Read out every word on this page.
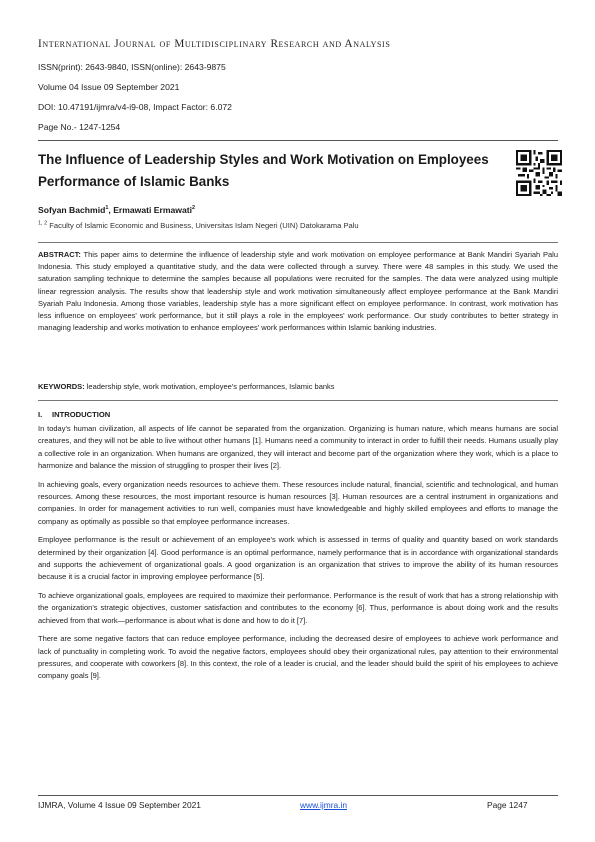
International Journal of Multidisciplinary Research and Analysis
ISSN(print): 2643-9840, ISSN(online): 2643-9875
Volume 04 Issue 09 September 2021
DOI: 10.47191/ijmra/v4-i9-08, Impact Factor: 6.072
Page No.- 1247-1254
The Influence of Leadership Styles and Work Motivation on Employees Performance of Islamic Banks
Sofyan Bachmid$^1$, Ermawati Ermawati$^2$
$^{1, 2}$ Faculty of Islamic Economic and Business, Universitas Islam Negeri (UIN) Datokarama Palu
ABSTRACT: This paper aims to determine the influence of leadership style and work motivation on employee performance at Bank Mandiri Syariah Palu Indonesia. This study employed a quantitative study, and the data were collected through a survey. There were 48 samples in this study. We used the saturation sampling technique to determine the samples because all populations were recruited for the samples. The data were analyzed using multiple linear regression analysis. The results show that leadership style and work motivation simultaneously affect employee performance at the Bank Mandiri Syariah Palu Indonesia. Among those variables, leadership style has a more significant effect on employee performance. In contrast, work motivation has less influence on employees' work performance, but it still plays a role in the employees' work performance. Our study contributes to better strategy in managing leadership and works motivation to enhance employees' work performances within Islamic banking industries.
KEYWORDS: leadership style, work motivation, employee's performances, Islamic banks
I. INTRODUCTION

In today's human civilization, all aspects of life cannot be separated from the organization. Organizing is human nature, which means humans are social creatures, and they will not be able to live without other humans [1]. Humans need a community to interact in order to fulfill their needs. Humans usually play a collective role in an organization. When humans are organized, they will interact and become part of the organization where they work, which is a place to harmonize and balance the mission of struggling to prosper their lives [2].

In achieving goals, every organization needs resources to achieve them. These resources include natural, financial, scientific and technological, and human resources. Among these resources, the most important resource is human resources [3]. Human resources are a central instrument in organizations and companies. In order for management activities to run well, companies must have knowledgeable and highly skilled employees and efforts to manage the company as optimally as possible so that employee performance increases.

Employee performance is the result or achievement of an employee's work which is assessed in terms of quality and quantity based on work standards determined by their organization [4]. Good performance is an optimal performance, namely performance that is in accordance with organizational standards and supports the achievement of organizational goals. A good organization is an organization that strives to improve the ability of its human resources because it is a crucial factor in improving employee performance [5].

To achieve organizational goals, employees are required to maximize their performance. Performance is the result of work that has a strong relationship with the organization's strategic objectives, customer satisfaction and contributes to the economy [6]. Thus, performance is about doing work and the results achieved from that work—performance is about what is done and how to do it [7].

There are some negative factors that can reduce employee performance, including the decreased desire of employees to achieve work performance and lack of punctuality in completing work. To avoid the negative factors, employees should obey their organizational rules, pay attention to their environmental pressures, and cooperate with coworkers [8]. In this context, the role of a leader is crucial, and the leader should build the spirit of his employees to achieve company goals [9].

IJMRA, Volume 4 Issue 09 September 2021	www.ijmra.in	Page 1247
